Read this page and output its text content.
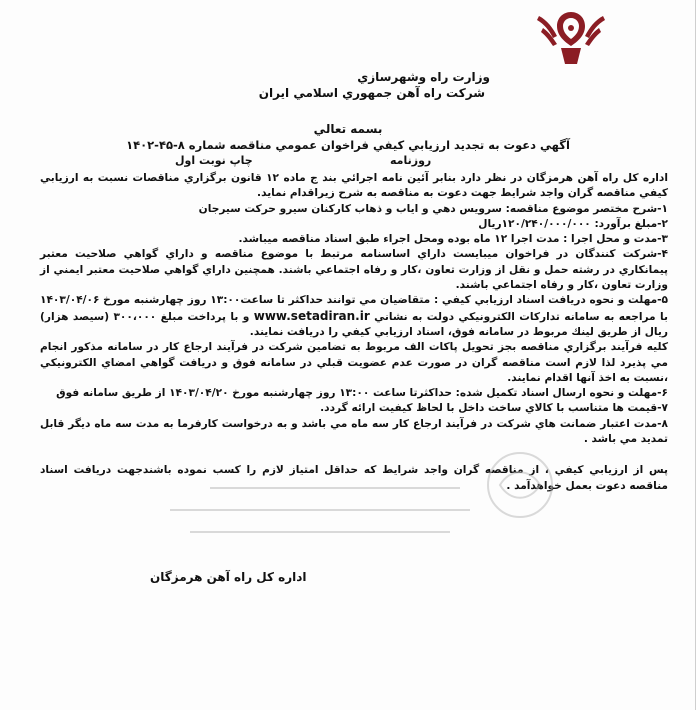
وزارت راه وشهرسازي
شركت راه آهن جمهوري اسلامي ايران
بسمه تعالي
آگهي دعوت به تجديد ارزيابي كيفي فراخوان عمومي مناقصه شماره ۸-۴۵-۱۴۰۲
روزنامه
چاپ نوبت اول

اداره كل راه آهن هرمزگان در نظر دارد بنابر آئين نامه اجرائي بند ج ماده ۱۲ قانون برگزاري مناقصات نسبت به ارزيابي كيفي مناقصه گران واجد شرايط جهت دعوت به مناقصه به شرح زيراقدام نمايد.

۱-شرح مختصر موضوع مناقصه: سرويس دهي و اياب و ذهاب كاركنان سيرو حركت سيرجان

۲-مبلغ برآورد: ۱۲۰/۲۴۰/۰۰۰/۰۰۰ريال

۳-مدت و محل اجرا : مدت اجرا ۱۲ ماه بوده ومحل اجراء طبق اسناد مناقصه ميباشد.

۴-شركت كنندگان در فراخوان ميبايست داراي اساسنامه مرتبط با موضوع مناقصه و داراي گواهي صلاحيت معتبر پيمانكاري در رشته حمل و نقل از وزارت تعاون ،كار و رفاه اجتماعي باشند. همچنين داراي گواهي صلاحيت معتبر ايمني از وزارت تعاون ،كار و رفاه اجتماعي باشند.

۵-مهلت و نحوه دريافت اسناد ارزيابي كيفي : متقاضيان مي توانند حداكثر تا ساعت۱۳:۰۰ روز چهارشنبه مورخ ۱۴۰۳/۰۴/۰۶ با مراجعه به سامانه تداركات الكترونيكي دولت به نشاني www.setadiran.ir و با پرداخت مبلغ ۳۰۰،۰۰۰ (سيصد هزار) ريال از طريق لينك مربوط در سامانه فوق، اسناد ارزيابي كيفي را دريافت نمايند.

كليه فرآيند برگزاري مناقصه بجز تحويل پاكات الف مربوط به تضامين شركت در فرآيند ارجاع كار در سامانه مذكور انجام مي پذيرد لذا لازم است مناقصه گران در صورت عدم عضويت قبلي در سامانه فوق و دريافت گواهي امضاي الكترونيكي ،نسبت به اخذ آنها اقدام نمايند.

۶-مهلت و نحوه ارسال اسناد تكميل شده: حداكثرتا ساعت ۱۳:۰۰ روز چهارشنبه مورخ ۱۴۰۳/۰۴/۲۰ از طريق سامانه فوق

۷-قيمت ها متناسب با كالاي ساخت داخل با لحاظ كيفيت ارائه گردد.

۸-مدت اعتبار ضمانت هاي شركت در فرآيند ارجاع كار سه ماه مي باشد و به درخواست كارفرما به مدت سه ماه ديگر قابل تمديد مي باشد .

پس از ارزيابي كيفي ، از مناقصه گران واجد شرايط كه حداقل امتياز لازم را كسب نموده باشندجهت دريافت اسناد مناقصه دعوت بعمل خواهدآمد .

اداره كل راه آهن هرمزگان
